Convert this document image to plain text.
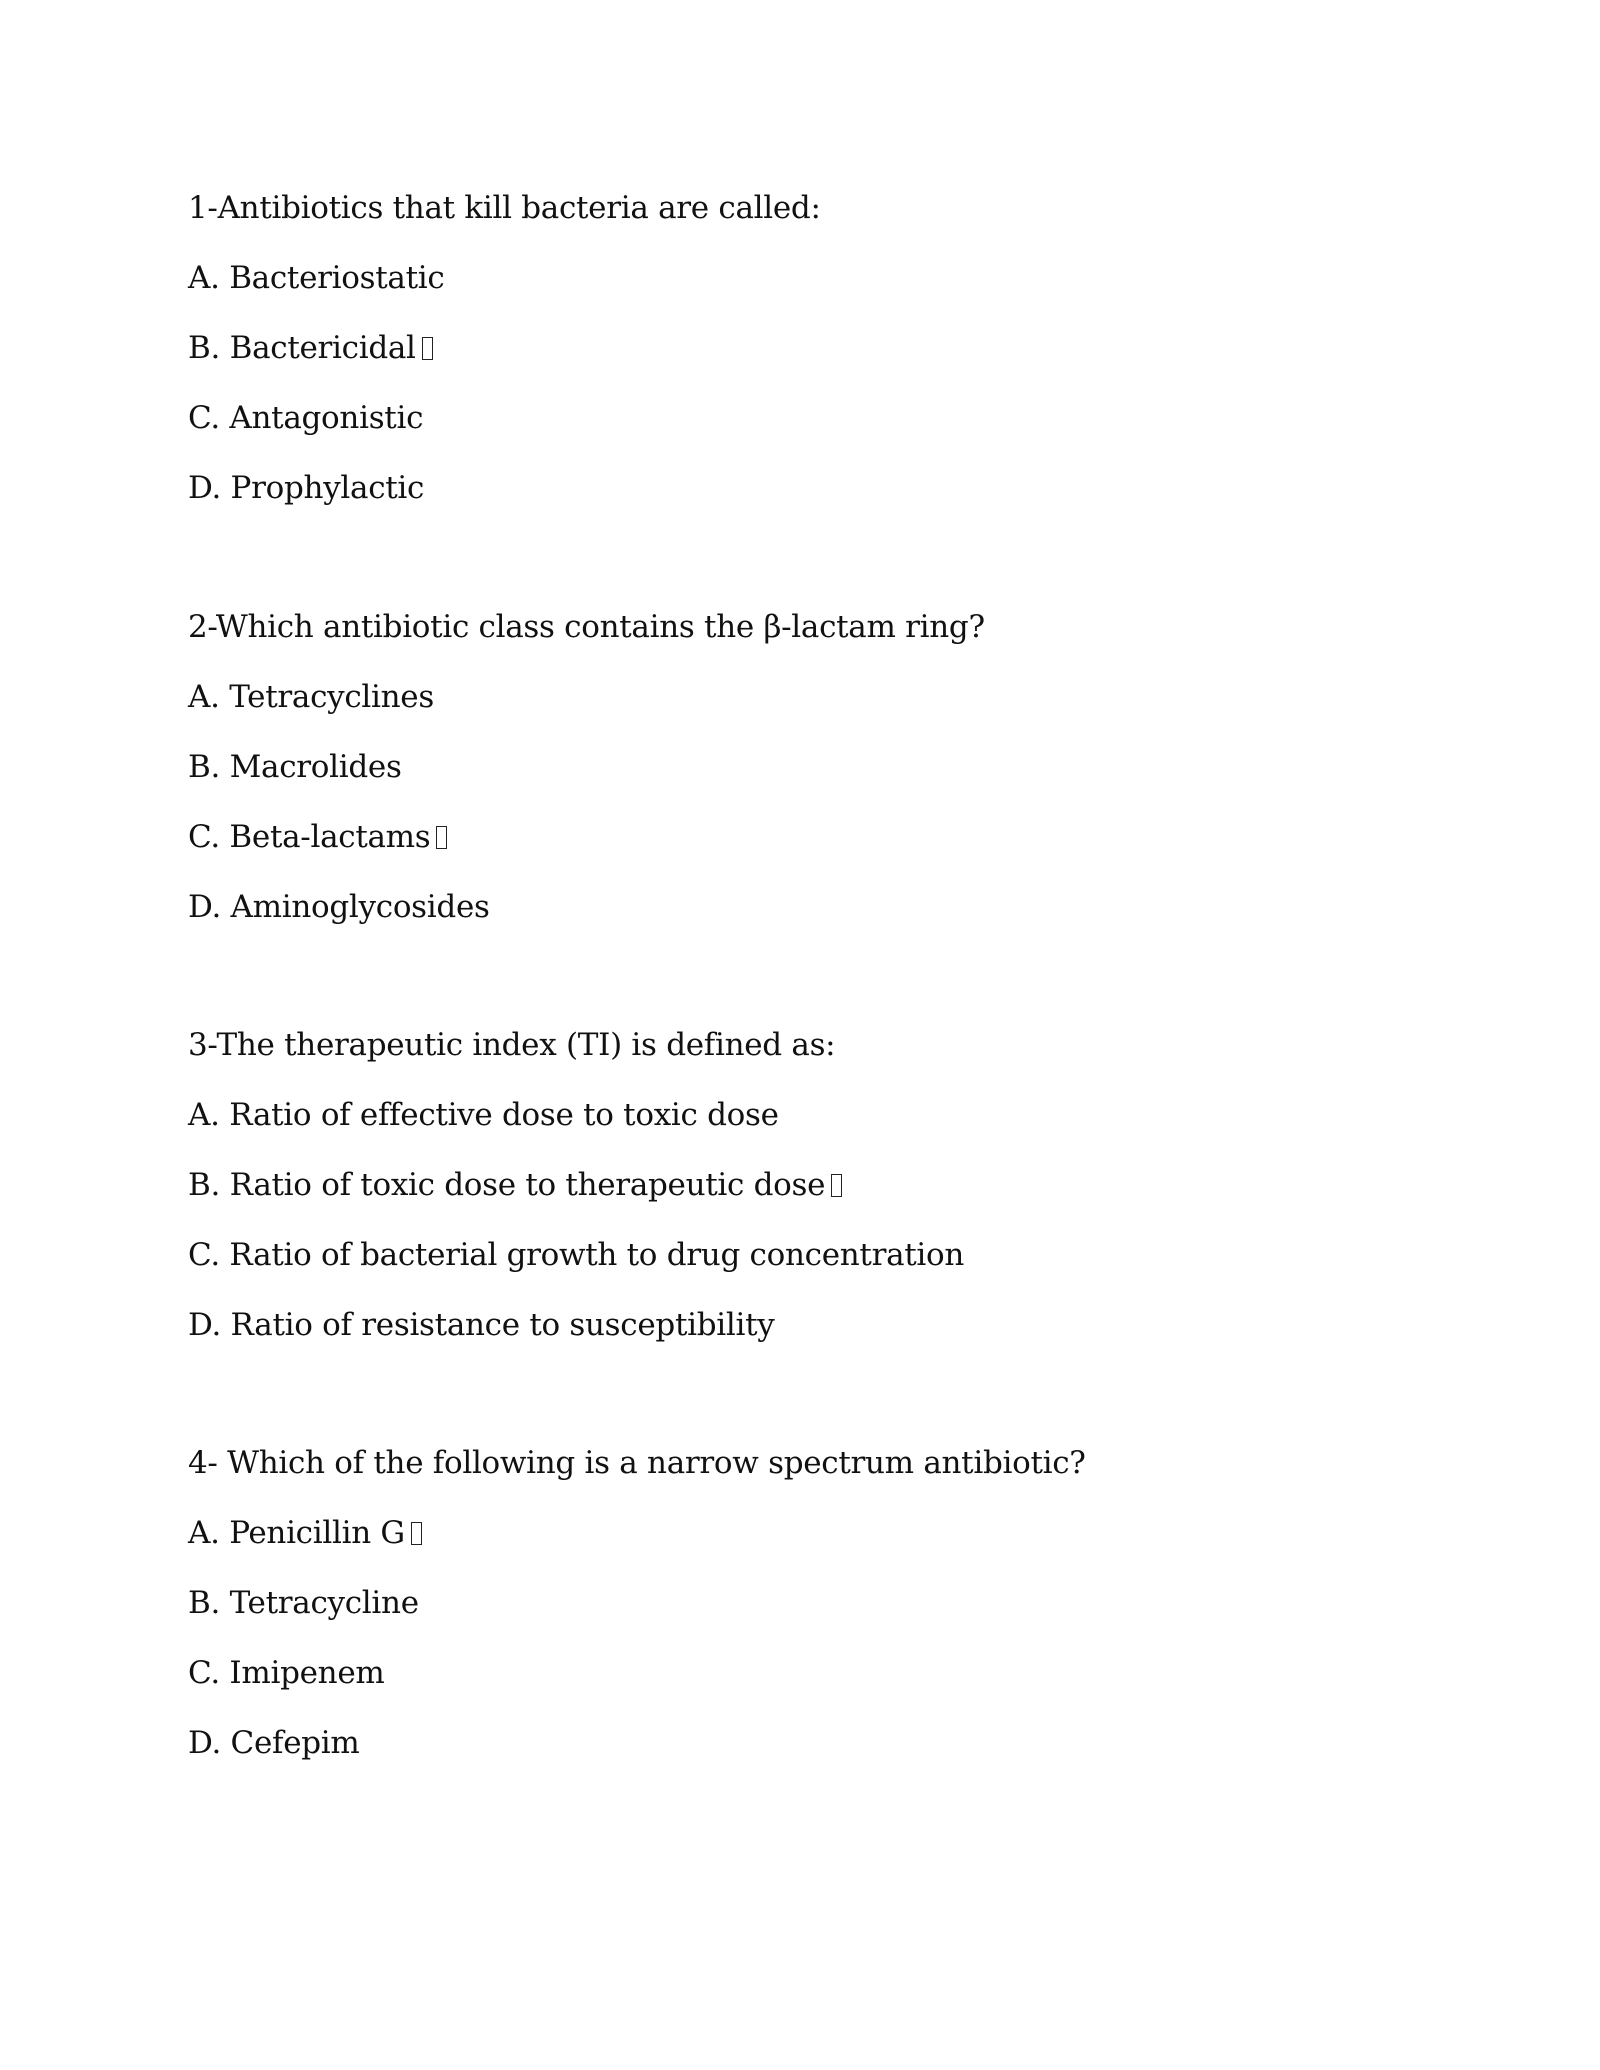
1-Antibiotics that kill bacteria are called:
A. Bacteriostatic
B. Bactericidal
C. Antagonistic
D. Prophylactic
2-Which antibiotic class contains the β-lactam ring?
A. Tetracyclines
B. Macrolides
C. Beta-lactams
D. Aminoglycosides
3-The therapeutic index (TI) is defined as:
A. Ratio of effective dose to toxic dose
B. Ratio of toxic dose to therapeutic dose
C. Ratio of bacterial growth to drug concentration
D. Ratio of resistance to susceptibility
4- Which of the following is a narrow spectrum antibiotic?
A. Penicillin G
B. Tetracycline
C. Imipenem
D. Cefepim
